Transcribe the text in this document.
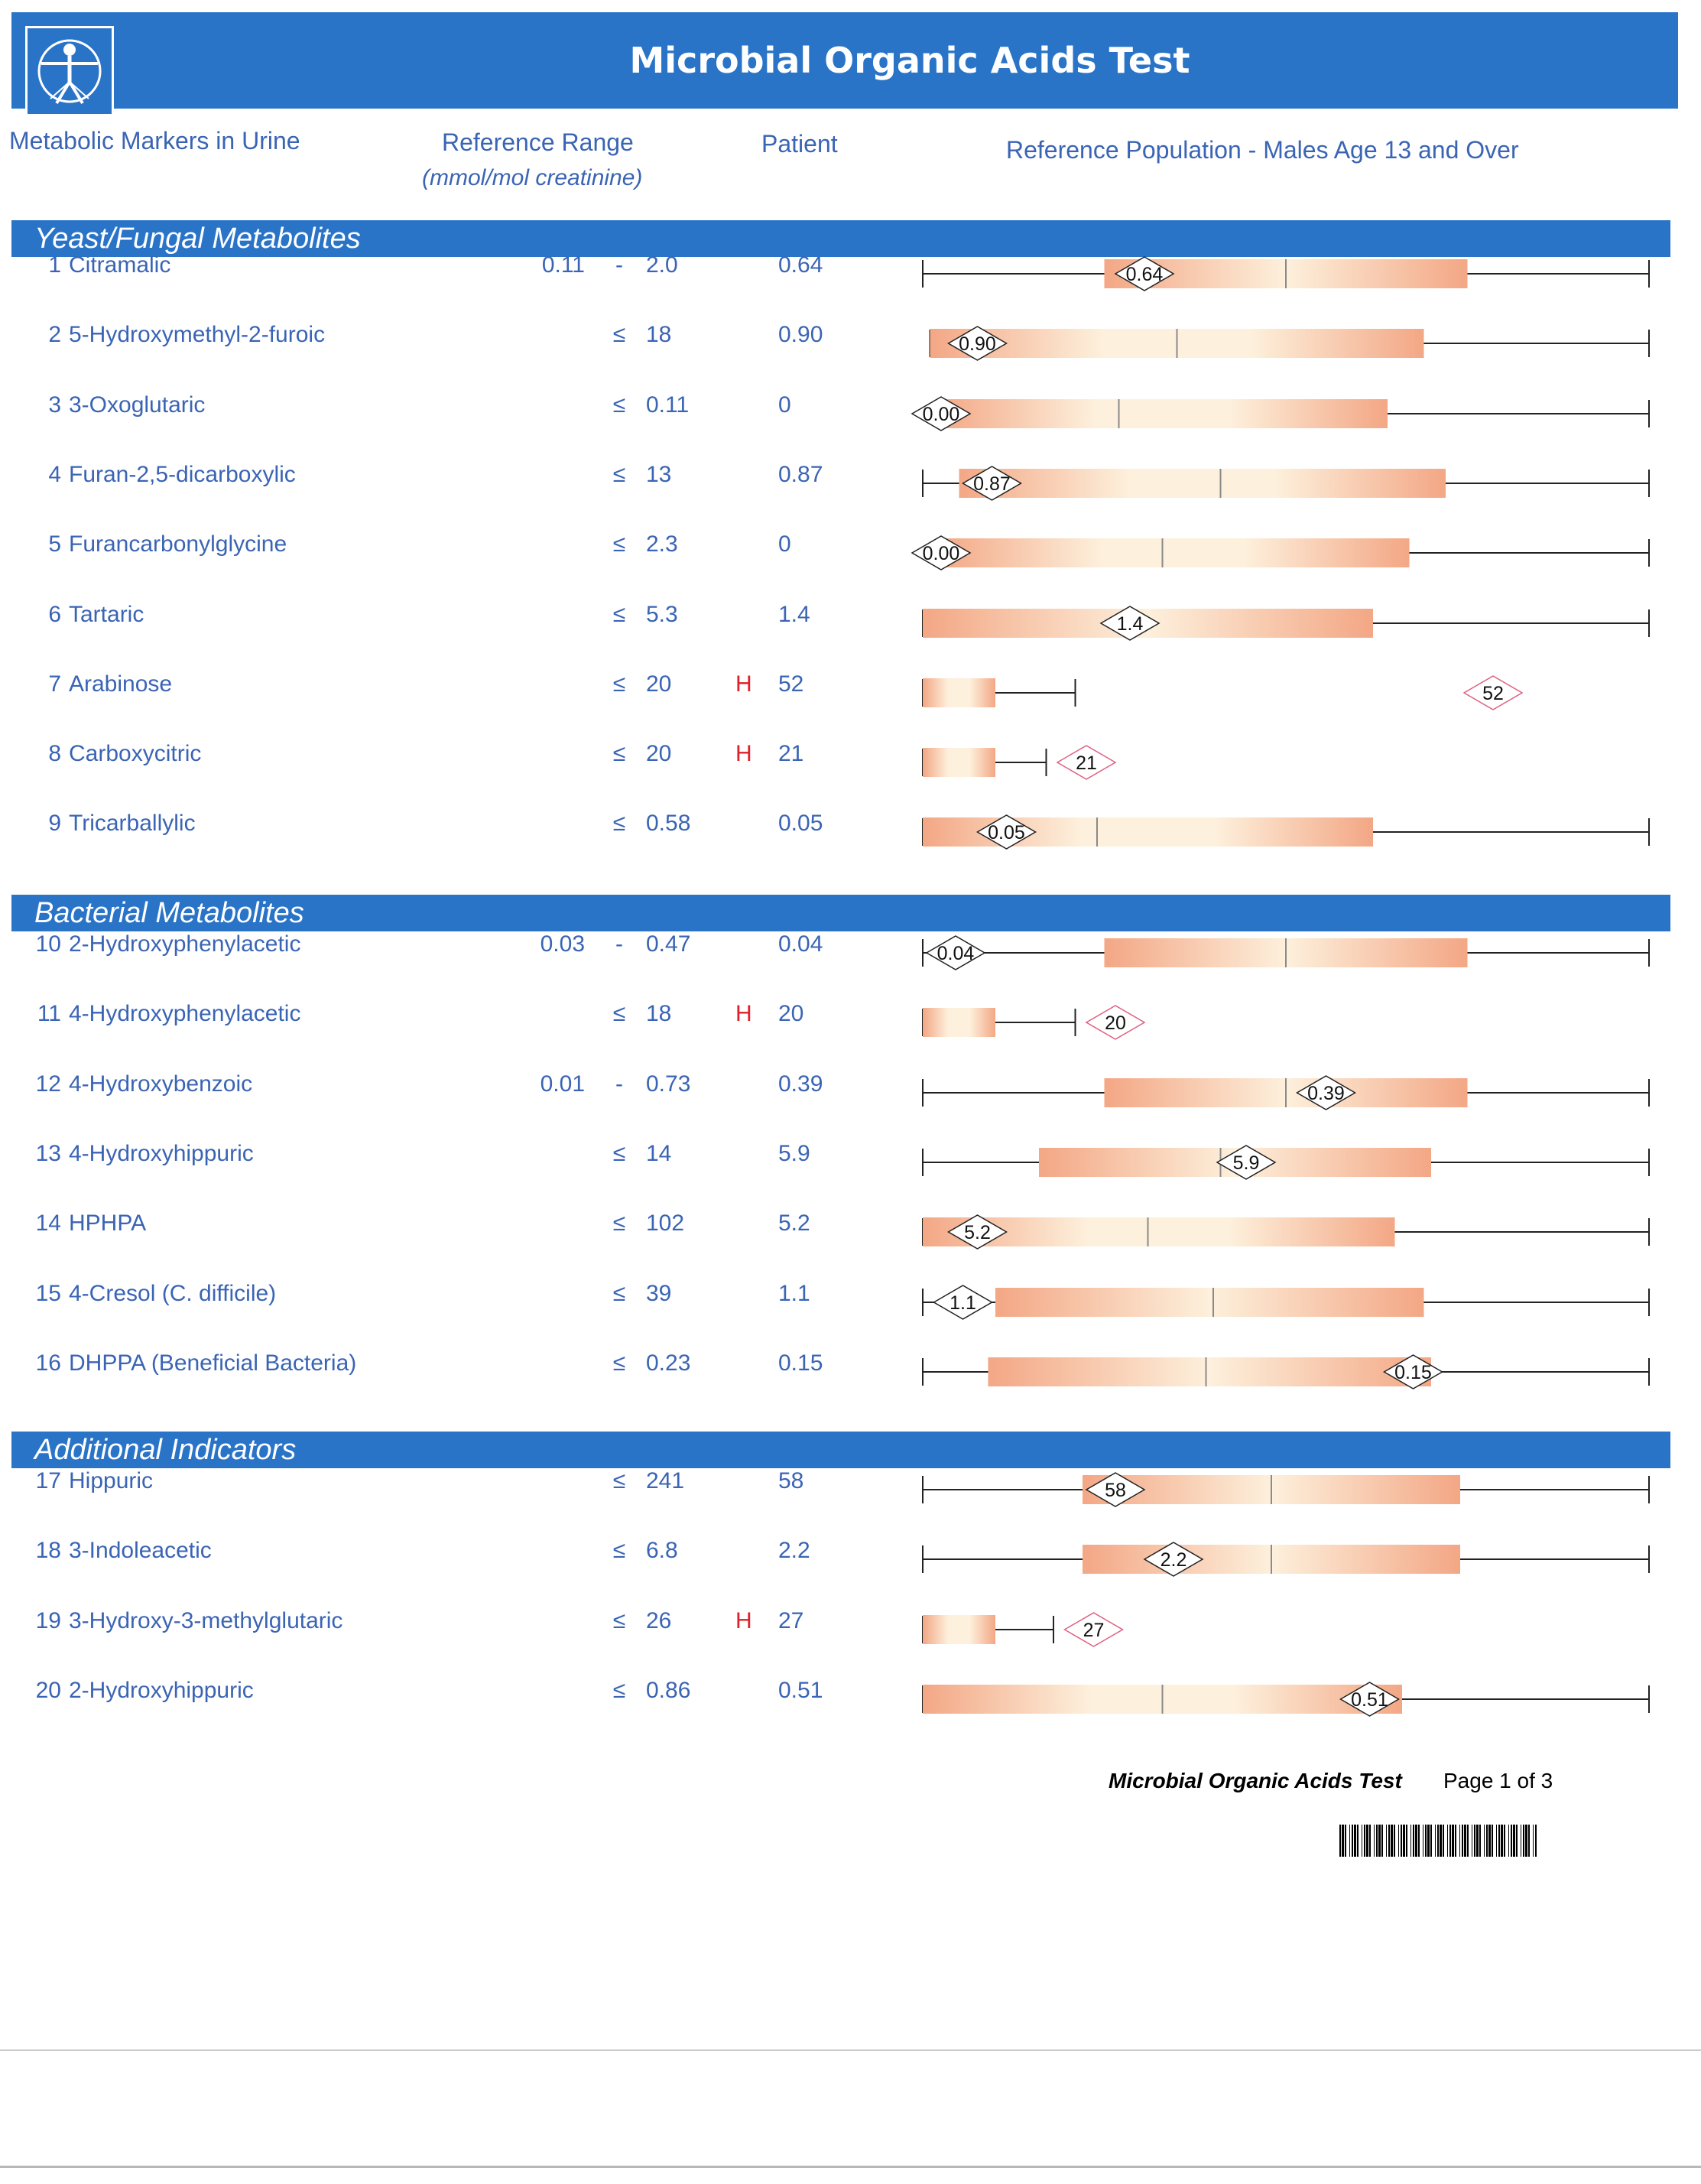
Microbial Organic Acids Test
Metabolic Markers in Urine	Reference Range
(mmol/mol creatinine)
Patient	Reference Population - Males Age 13 and Over
Yeast/Fungal Metabolites
1 Citramalic	0.11	-	2.0	0.64	0.64
2 5-Hydroxymethyl-2-furoic	≤ 18	0.90	0.90
3 3-Oxoglutaric	≤ 0.11	0	0.00
4 Furan-2,5-dicarboxylic	≤ 13	0.87	0.87
5 Furancarbonylglycine	≤ 2.3	0	0.00
6 Tartaric	≤ 5.3	1.4	1.4
7 Arabinose	≤ 20	H 52	52
8 Carboxycitric	≤ 20	H 21	21
9 Tricarballylic	≤ 0.58	0.05	0.05
Bacterial Metabolites
10 2-Hydroxyphenylacetic	0.03	-	0.47	0.04	0.04
11 4-Hydroxyphenylacetic	≤ 18	H 20	20
12 4-Hydroxybenzoic	0.01	-	0.73	0.39	0.39
13 4-Hydroxyhippuric	≤ 14	5.9	5.9
14 HPHPA	≤ 102	5.2	5.2
15 4-Cresol (C. difficile)	≤ 39	1.1	1.1
16 DHPPA (Beneficial Bacteria)	≤ 0.23	0.15	0.15
Additional Indicators
17 Hippuric	≤ 241	58	58
18 3-Indoleacetic	≤ 6.8	2.2	2.2
19 3-Hydroxy-3-methylglutaric	≤ 26	H 27	27
20 2-Hydroxyhippuric	≤ 0.86	0.51	0.51
Microbial Organic Acids Test Page 1 of 3
